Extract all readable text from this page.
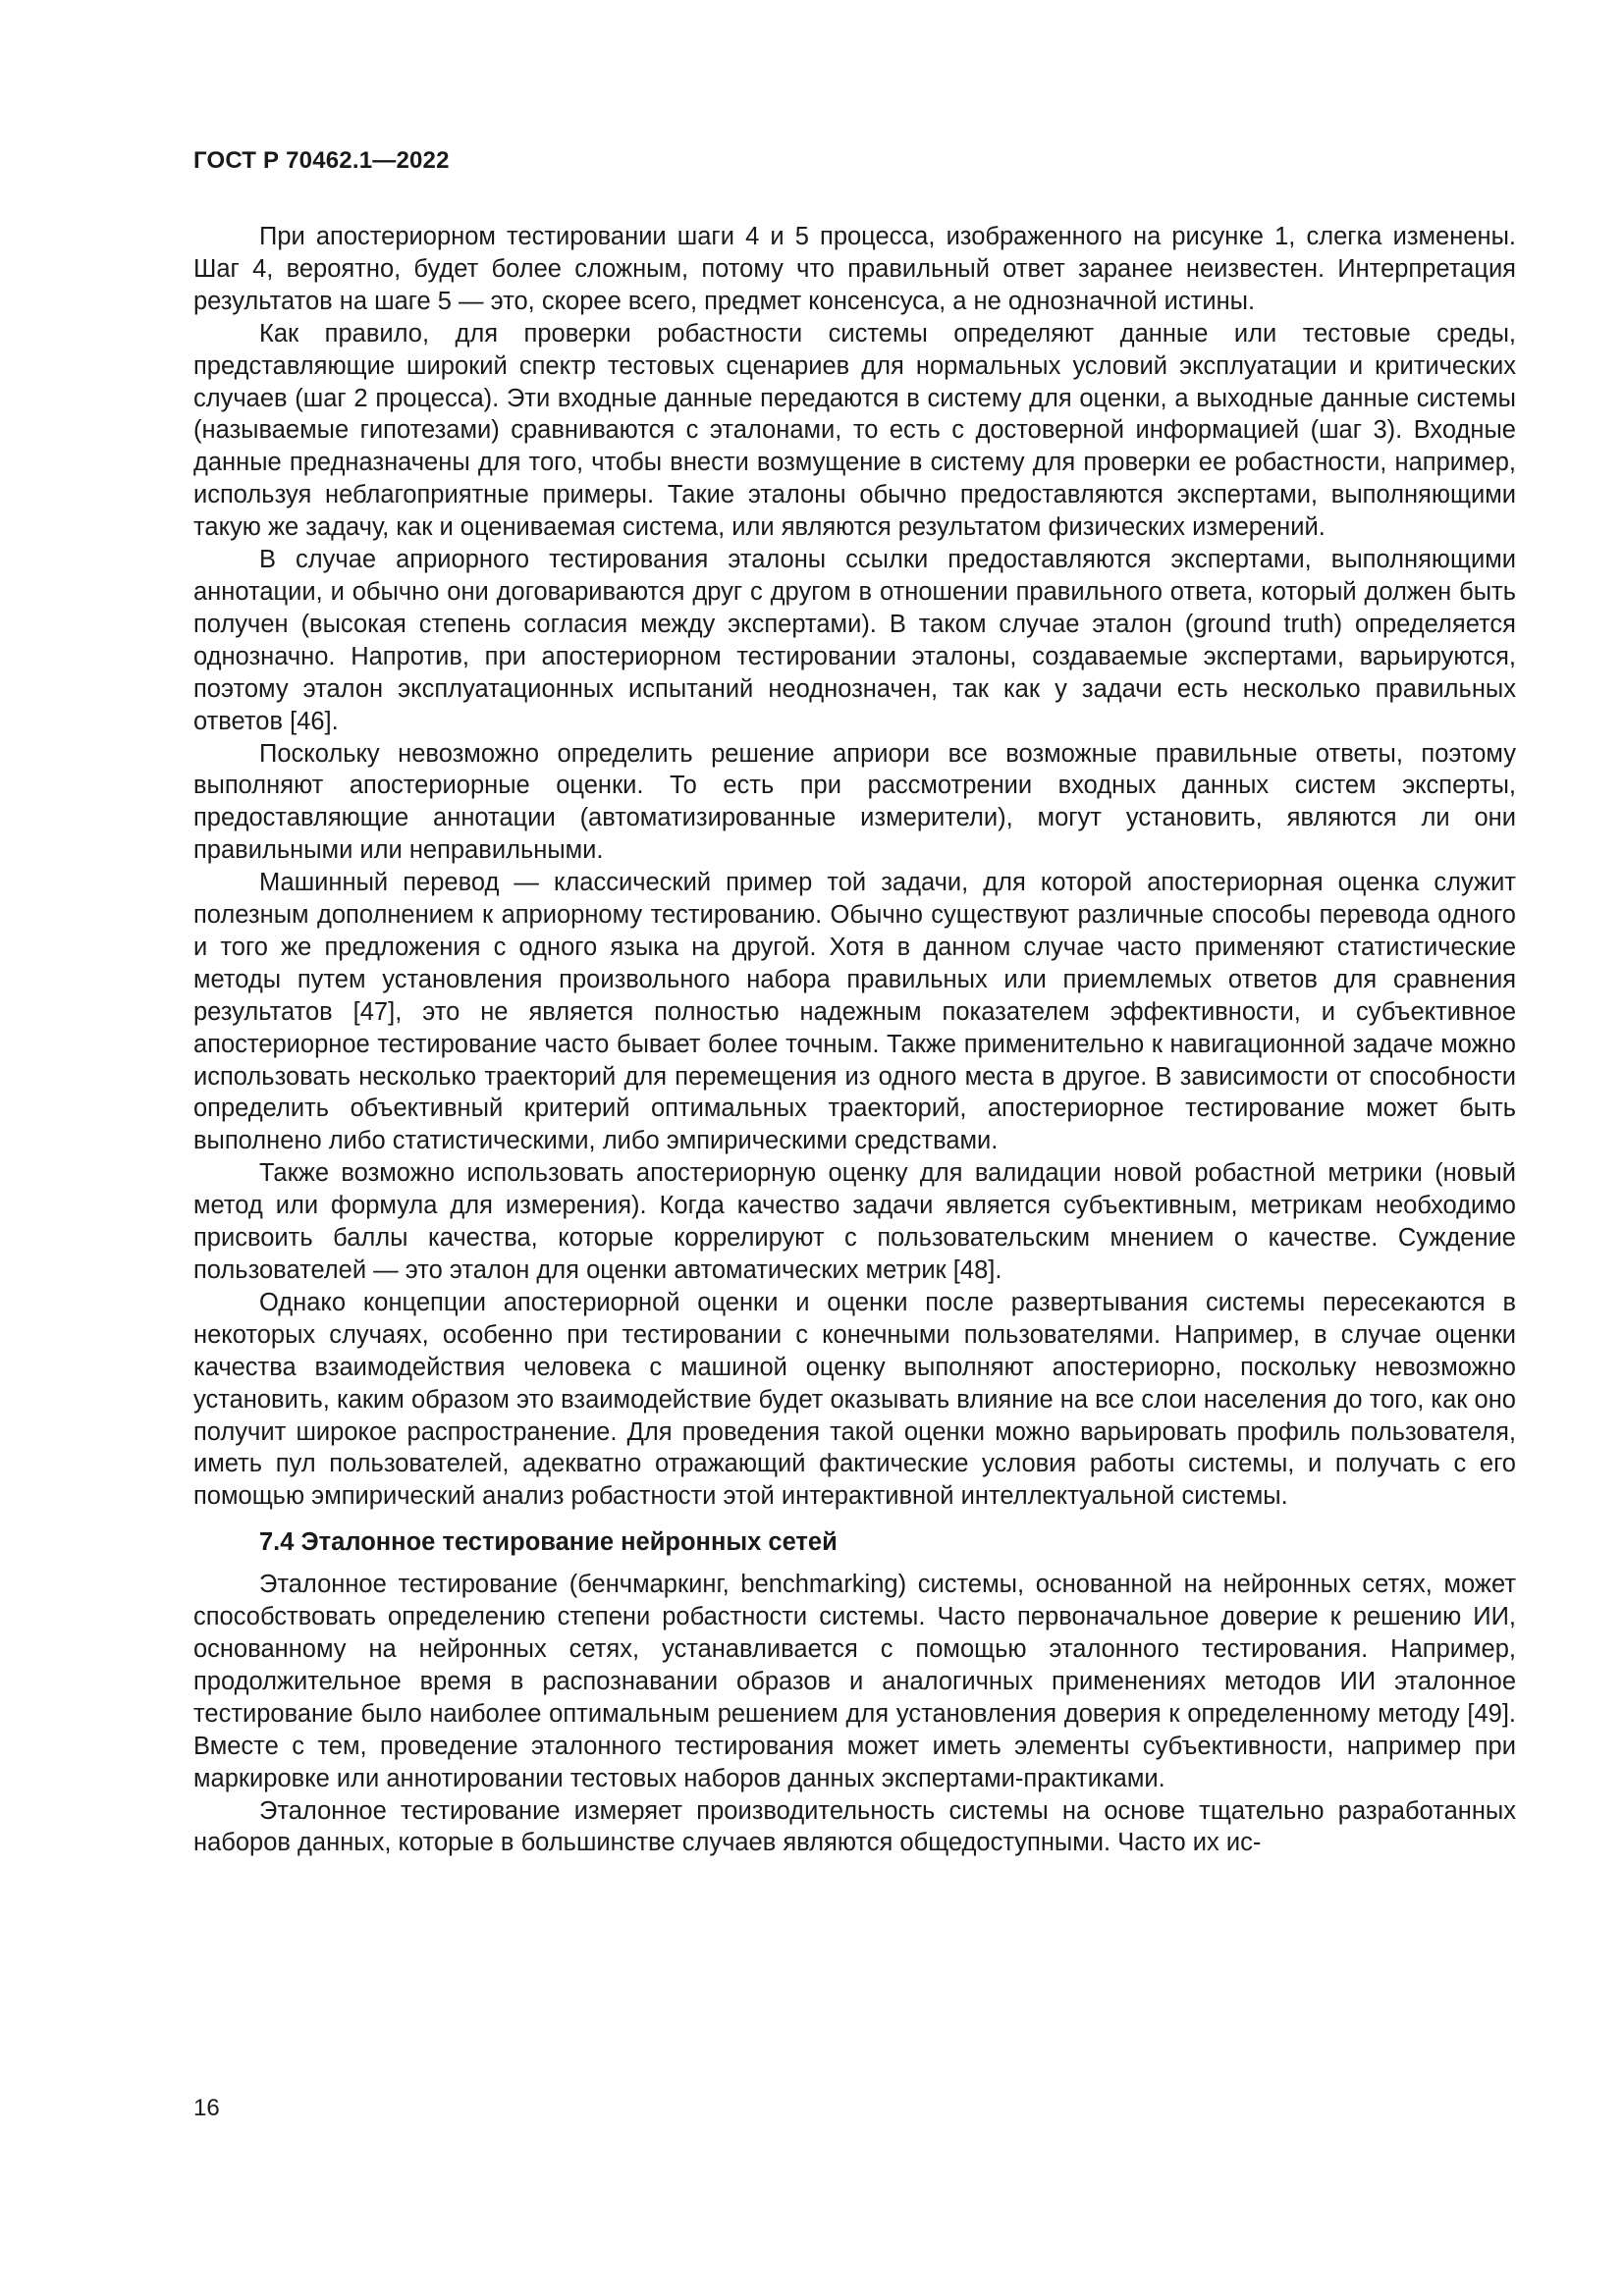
ГОСТ Р 70462.1—2022

При апостериорном тестировании шаги 4 и 5 процесса, изображенного на рисунке 1, слегка изменены. Шаг 4, вероятно, будет более сложным, потому что правильный ответ заранее неизвестен. Интерпретация результатов на шаге 5 — это, скорее всего, предмет консенсуса, а не однозначной истины.

Как правило, для проверки робастности системы определяют данные или тестовые среды, представляющие широкий спектр тестовых сценариев для нормальных условий эксплуатации и критических случаев (шаг 2 процесса). Эти входные данные передаются в систему для оценки, а выходные данные системы (называемые гипотезами) сравниваются с эталонами, то есть с достоверной информацией (шаг 3). Входные данные предназначены для того, чтобы внести возмущение в систему для проверки ее робастности, например, используя неблагоприятные примеры. Такие эталоны обычно предоставляются экспертами, выполняющими такую же задачу, как и оцениваемая система, или являются результатом физических измерений.

В случае априорного тестирования эталоны ссылки предоставляются экспертами, выполняющими аннотации, и обычно они договариваются друг с другом в отношении правильного ответа, который должен быть получен (высокая степень согласия между экспертами). В таком случае эталон (ground truth) определяется однозначно. Напротив, при апостериорном тестировании эталоны, создаваемые экспертами, варьируются, поэтому эталон эксплуатационных испытаний неоднозначен, так как у задачи есть несколько правильных ответов [46].

Поскольку невозможно определить решение априори все возможные правильные ответы, поэтому выполняют апостериорные оценки. То есть при рассмотрении входных данных систем эксперты, предоставляющие аннотации (автоматизированные измерители), могут установить, являются ли они правильными или неправильными.

Машинный перевод — классический пример той задачи, для которой апостериорная оценка служит полезным дополнением к априорному тестированию. Обычно существуют различные способы перевода одного и того же предложения с одного языка на другой. Хотя в данном случае часто применяют статистические методы путем установления произвольного набора правильных или приемлемых ответов для сравнения результатов [47], это не является полностью надежным показателем эффективности, и субъективное апостериорное тестирование часто бывает более точным. Также применительно к навигационной задаче можно использовать несколько траекторий для перемещения из одного места в другое. В зависимости от способности определить объективный критерий оптимальных траекторий, апостериорное тестирование может быть выполнено либо статистическими, либо эмпирическими средствами.

Также возможно использовать апостериорную оценку для валидации новой робастной метрики (новый метод или формула для измерения). Когда качество задачи является субъективным, метрикам необходимо присвоить баллы качества, которые коррелируют с пользовательским мнением о качестве. Суждение пользователей — это эталон для оценки автоматических метрик [48].

Однако концепции апостериорной оценки и оценки после развертывания системы пересекаются в некоторых случаях, особенно при тестировании с конечными пользователями. Например, в случае оценки качества взаимодействия человека с машиной оценку выполняют апостериорно, поскольку невозможно установить, каким образом это взаимодействие будет оказывать влияние на все слои населения до того, как оно получит широкое распространение. Для проведения такой оценки можно варьировать профиль пользователя, иметь пул пользователей, адекватно отражающий фактические условия работы системы, и получать с его помощью эмпирический анализ робастности этой интерактивной интеллектуальной системы.

7.4 Эталонное тестирование нейронных сетей

Эталонное тестирование (бенчмаркинг, benchmarking) системы, основанной на нейронных сетях, может способствовать определению степени робастности системы. Часто первоначальное доверие к решению ИИ, основанному на нейронных сетях, устанавливается с помощью эталонного тестирования. Например, продолжительное время в распознавании образов и аналогичных применениях методов ИИ эталонное тестирование было наиболее оптимальным решением для установления доверия к определенному методу [49]. Вместе с тем, проведение эталонного тестирования может иметь элементы субъективности, например при маркировке или аннотировании тестовых наборов данных экспертами-практиками.

Эталонное тестирование измеряет производительность системы на основе тщательно разработанных наборов данных, которые в большинстве случаев являются общедоступными. Часто их ис-

16
